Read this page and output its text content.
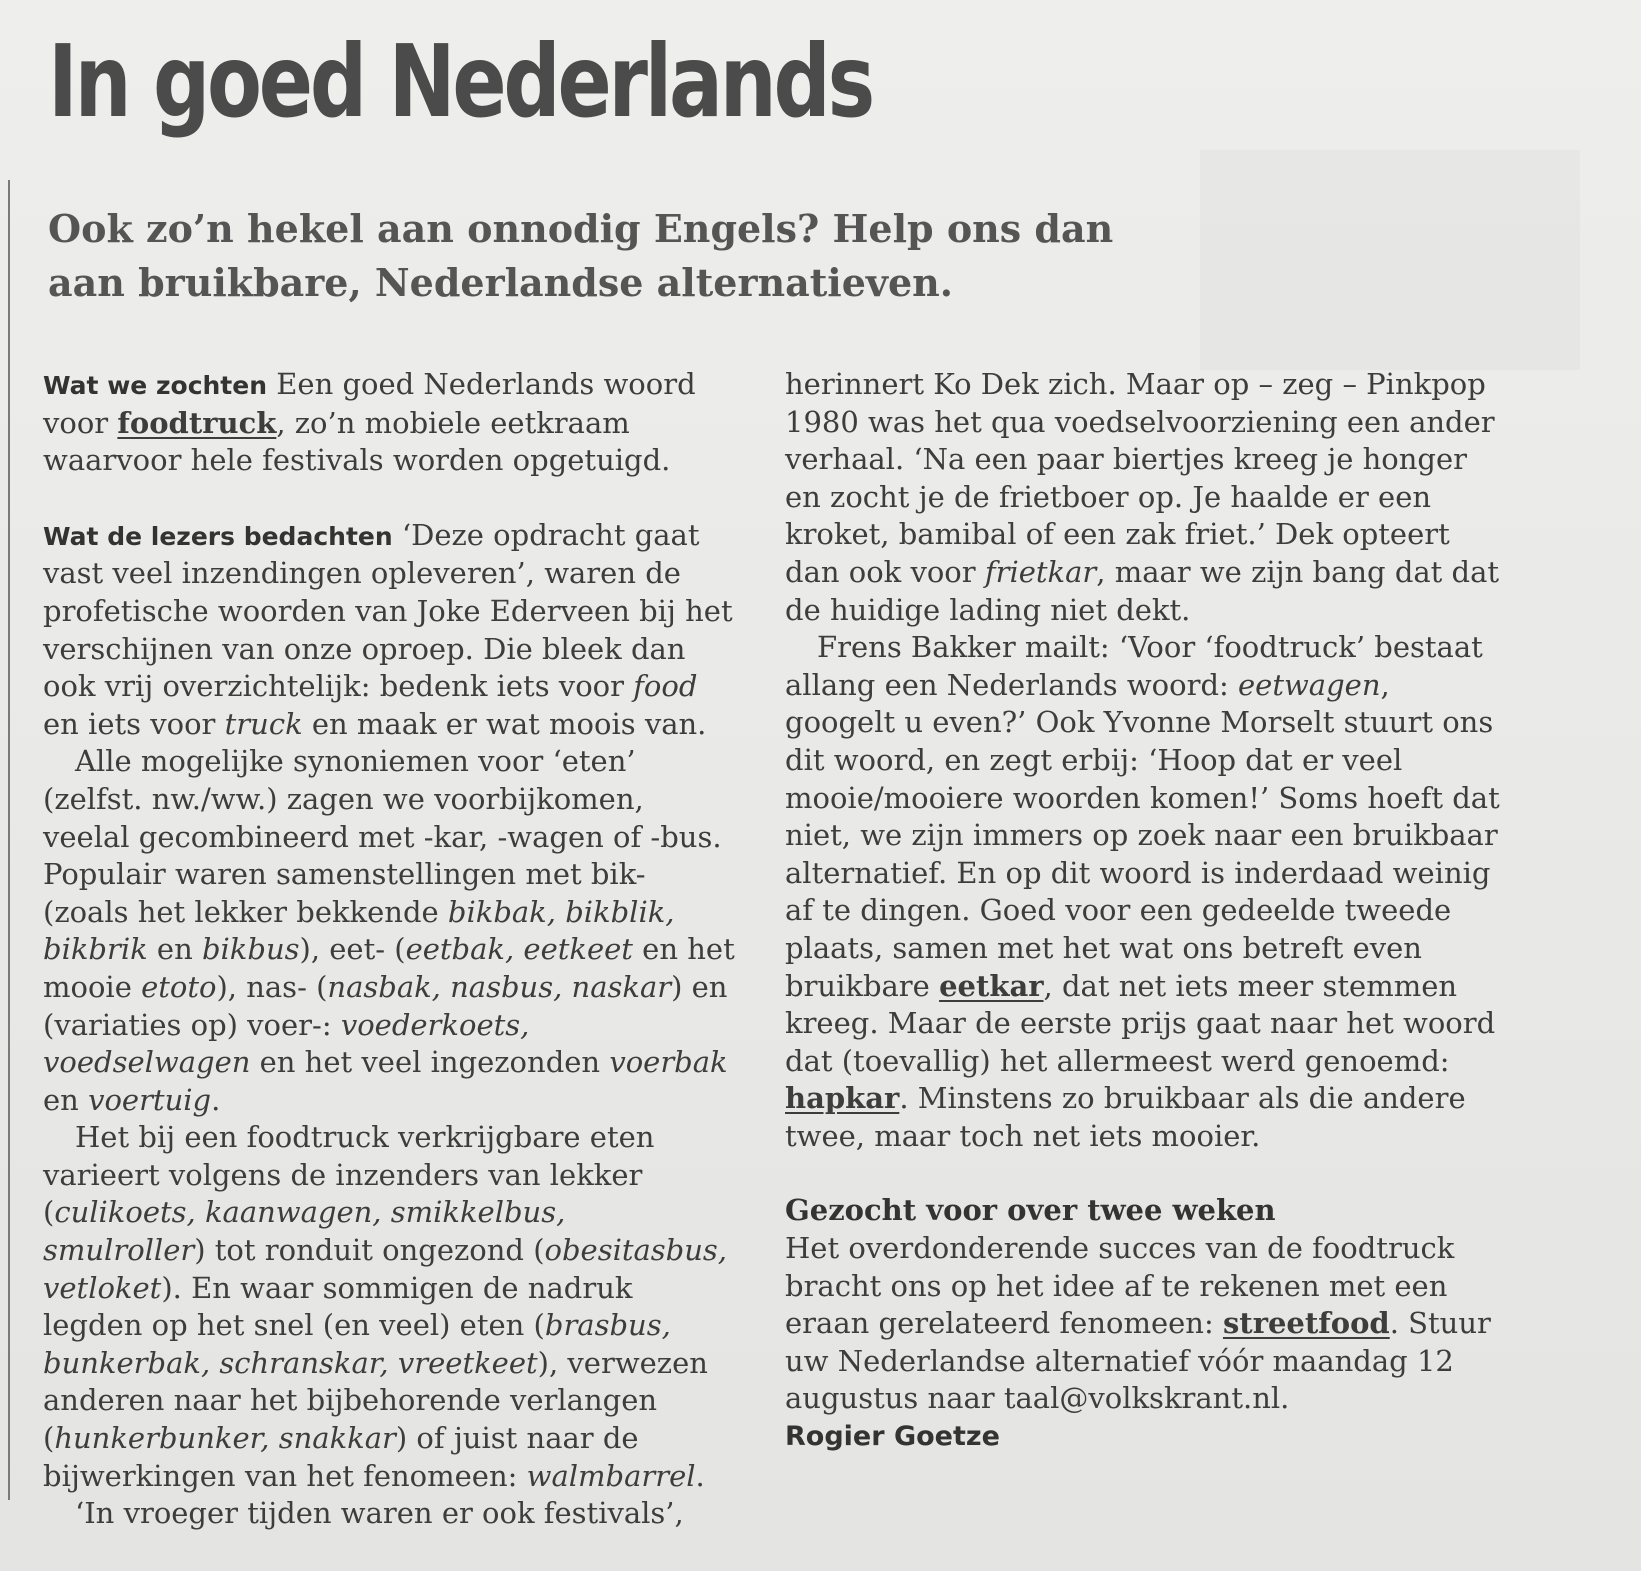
In goed Nederlands

Ook zo’n hekel aan onnodig Engels? Help ons dan aan bruikbare, Nederlandse alternatieven.

Wat we zochten Een goed Nederlands woord voor foodtruck, zo’n mobiele eetkraam waarvoor hele festivals worden opgetuigd.

Wat de lezers bedachten ‘Deze opdracht gaat vast veel inzendingen opleveren’, waren de profetische woorden van Joke Ederveen bij het verschijnen van onze oproep. Die bleek dan ook vrij overzichtelijk: bedenk iets voor food en iets voor truck en maak er wat moois van.

Alle mogelijke synoniemen voor ‘eten’ (zelfst. nw./ww.) zagen we voorbijkomen, veelal gecombineerd met -kar, -wagen of -bus. Populair waren samenstellingen met bik- (zoals het lekker bekkende bikbak, bikblik, bikbrik en bikbus), eet- (eetbak, eetkeet en het mooie etoto), nas- (nasbak, nasbus, naskar) en (variaties op) voer-: voederkoets, voedselwagen en het veel ingezonden voerbak en voertuig.

Het bij een foodtruck verkrijgbare eten varieert volgens de inzenders van lekker (culikoets, kaanwagen, smikkelbus, smulroller) tot ronduit ongezond (obesitasbus, vetloket). En waar sommigen de nadruk legden op het snel (en veel) eten (brasbus, bunkerbak, schranskar, vreetkeet), verwezen anderen naar het bijbehorende verlangen (hunkerbunker, snakkar) of juist naar de bijwerkingen van het fenomeen: walmbarrel.

‘In vroeger tijden waren er ook festivals’,

herinnert Ko Dek zich. Maar op – zeg – Pinkpop 1980 was het qua voedselvoorziening een ander verhaal. ‘Na een paar biertjes kreeg je honger en zocht je de frietboer op. Je haalde er een kroket, bamibal of een zak friet.’ Dek opteert dan ook voor frietkar, maar we zijn bang dat dat de huidige lading niet dekt.

Frens Bakker mailt: ‘Voor ‘foodtruck’ bestaat allang een Nederlands woord: eetwagen, googelt u even?’ Ook Yvonne Morselt stuurt ons dit woord, en zegt erbij: ‘Hoop dat er veel mooie/mooiere woorden komen!’ Soms hoeft dat niet, we zijn immers op zoek naar een bruikbaar alternatief. En op dit woord is inderdaad weinig af te dingen. Goed voor een gedeelde tweede plaats, samen met het wat ons betreft even bruikbare eetkar, dat net iets meer stemmen kreeg. Maar de eerste prijs gaat naar het woord dat (toevallig) het allermeest werd genoemd: hapkar. Minstens zo bruikbaar als die andere twee, maar toch net iets mooier.

Gezocht voor over twee weken
Het overdonderende succes van de foodtruck bracht ons op het idee af te rekenen met een eraan gerelateerd fenomeen: streetfood. Stuur uw Nederlandse alternatief vóór maandag 12 augustus naar taal@volkskrant.nl.
Rogier Goetze
